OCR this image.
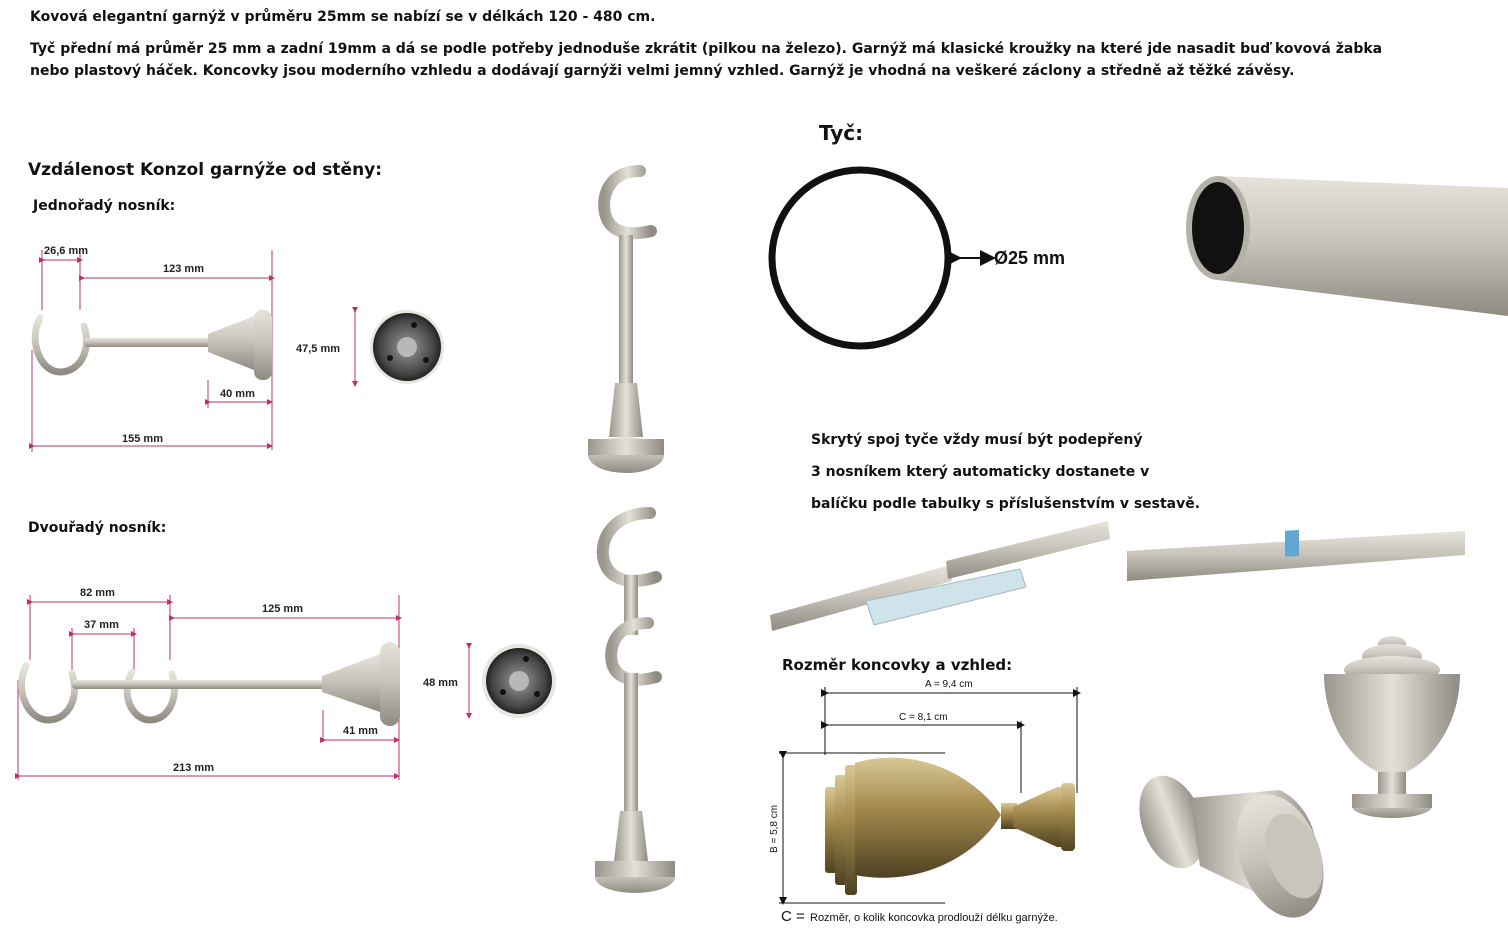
Kovová elegantní garnýž v průměru 25mm se nabízí se v délkách 120 - 480 cm.

Tyč přední má průměr 25 mm a zadní 19mm a dá se podle potřeby jednoduše zkrátit (pilkou na železo). Garnýž má klasické kroužky na které jde nasadit buď kovová žabka nebo plastový háček. Koncovky jsou moderního vzhledu a dodávají garnýži velmi jemný vzhled. Garnýž je vhodná na veškeré záclony a středně až těžké závěsy.

Vzdálenost Konzol garnýže od stěny:
Jednořadý nosník:
Dvouřadý nosník:
26,6 mm
123 mm
40 mm
155 mm
47,5 mm
82 mm
37 mm
125 mm
41 mm
213 mm
48 mm
Tyč:
Ø25 mm
Skrytý spoj tyče vždy musí být podepřený
3 nosníkem který automaticky dostanete v
balíčku podle tabulky s příslušenstvím v sestavě.
Rozměr koncovky a vzhled:
A = 9,4 cm
C = 8,1 cm
B = 5,8 cm
C = Rozměr, o kolik koncovka prodlouží délku garnýže.
